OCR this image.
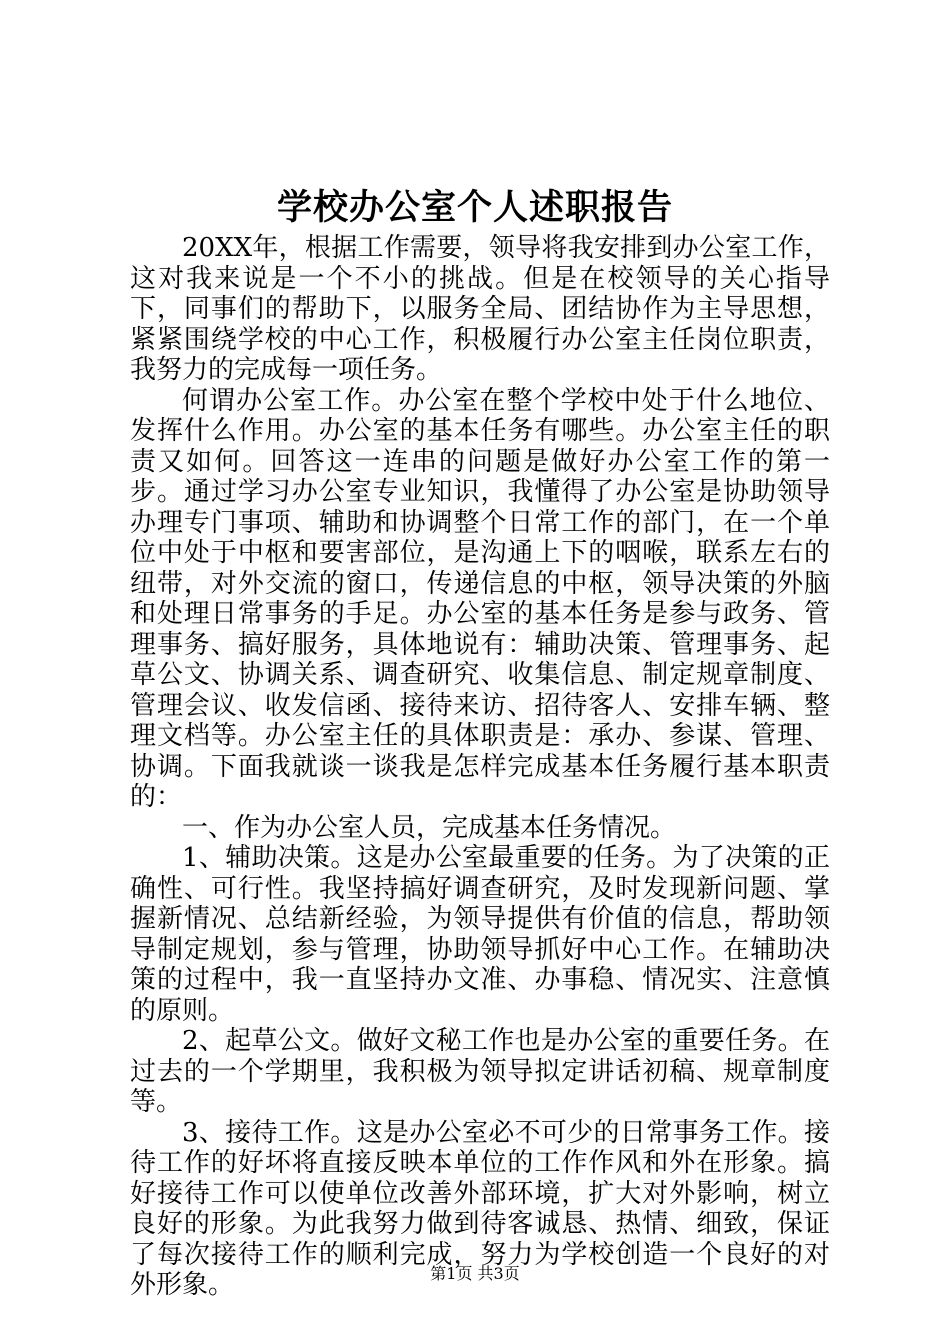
学校办公室个人述职报告

20XX年，根据工作需要，领导将我安排到办公室工作，这对我来说是一个不小的挑战。但是在校领导的关心指导下，同事们的帮助下，以服务全局、团结协作为主导思想，紧紧围绕学校的中心工作，积极履行办公室主任岗位职责，我努力的完成每一项任务。

何谓办公室工作。办公室在整个学校中处于什么地位、发挥什么作用。办公室的基本任务有哪些。办公室主任的职责又如何。回答这一连串的问题是做好办公室工作的第一步。通过学习办公室专业知识，我懂得了办公室是协助领导办理专门事项、辅助和协调整个日常工作的部门，在一个单位中处于中枢和要害部位，是沟通上下的咽喉，联系左右的纽带，对外交流的窗口，传递信息的中枢，领导决策的外脑和处理日常事务的手足。办公室的基本任务是参与政务、管理事务、搞好服务，具体地说有：辅助决策、管理事务、起草公文、协调关系、调查研究、收集信息、制定规章制度、管理会议、收发信函、接待来访、招待客人、安排车辆、整理文档等。办公室主任的具体职责是：承办、参谋、管理、协调。下面我就谈一谈我是怎样完成基本任务履行基本职责的：

一、作为办公室人员，完成基本任务情况。

1、辅助决策。这是办公室最重要的任务。为了决策的正确性、可行性。我坚持搞好调查研究，及时发现新问题、掌握新情况、总结新经验，为领导提供有价值的信息，帮助领导制定规划，参与管理，协助领导抓好中心工作。在辅助决策的过程中，我一直坚持办文准、办事稳、情况实、注意慎的原则。

2、起草公文。做好文秘工作也是办公室的重要任务。在过去的一个学期里，我积极为领导拟定讲话初稿、规章制度等。

3、接待工作。这是办公室必不可少的日常事务工作。接待工作的好坏将直接反映本单位的工作作风和外在形象。搞好接待工作可以使单位改善外部环境，扩大对外影响，树立良好的形象。为此我努力做到待客诚恳、热情、细致，保证了每次接待工作的顺利完成，努力为学校创造一个良好的对外形象。	第1页 共3页
